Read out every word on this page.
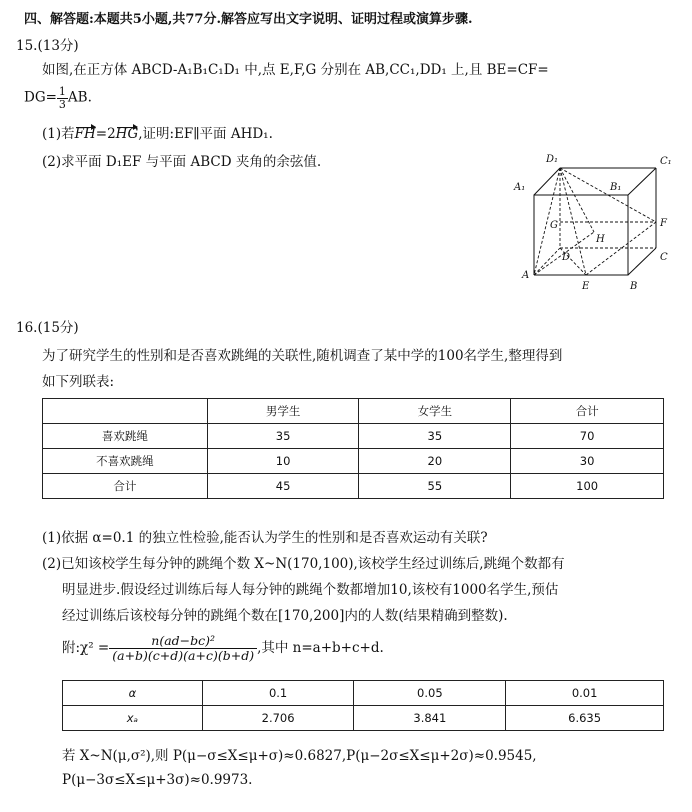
四、解答题:本题共5小题,共77分.解答应写出文字说明、证明过程或演算步骤.
15.(13分)
如图,在正方体 ABCD-A₁B₁C₁D₁ 中,点 E,F,G 分别在 AB,CC₁,DD₁ 上,且 BE=CF=
$DG= \frac{1}{3}$ AB.
(1)若FH=2HG,证明:EF∥平面 AHD₁.
(2)求平面 D₁EF 与平面 ABCD 夹角的余弦值.	D₁	C₁
A₁	B₁
G
H
F
D	C
A
E	B
16.(15分)
为了研究学生的性别和是否喜欢跳绳的关联性,随机调查了某中学的100名学生,整理得到
如下列联表:
	男学生	女学生	合计
喜欢跳绳	35	35	70
不喜欢跳绳	10	20	30
合计	45	55	100
(1)依据 α=0.1 的独立性检验,能否认为学生的性别和是否喜欢运动有关联?
(2)已知该校学生每分钟的跳绳个数 X~N(170,100),该校学生经过训练后,跳绳个数都有
明显进步.假设经过训练后每人每分钟的跳绳个数都增加10,该校有1000名学生,预估
经过训练后该校每分钟的跳绳个数在[170,200]内的人数(结果精确到整数).
附:χ² = $\frac{\text{n(ad−bc)²}}{(a+b)(c+d)(a+c)(b+d)}$ ,其中 n=a+b+c+d.
α	0.1	0.05	0.01
xₐ	2.706	3.841	6.635
若 X~N(μ,σ²),则 P(μ−σ≤X≤μ+σ)≈0.6827,P(μ−2σ≤X≤μ+2σ)≈0.9545,
P(μ−3σ≤X≤μ+3σ)≈0.9973.
